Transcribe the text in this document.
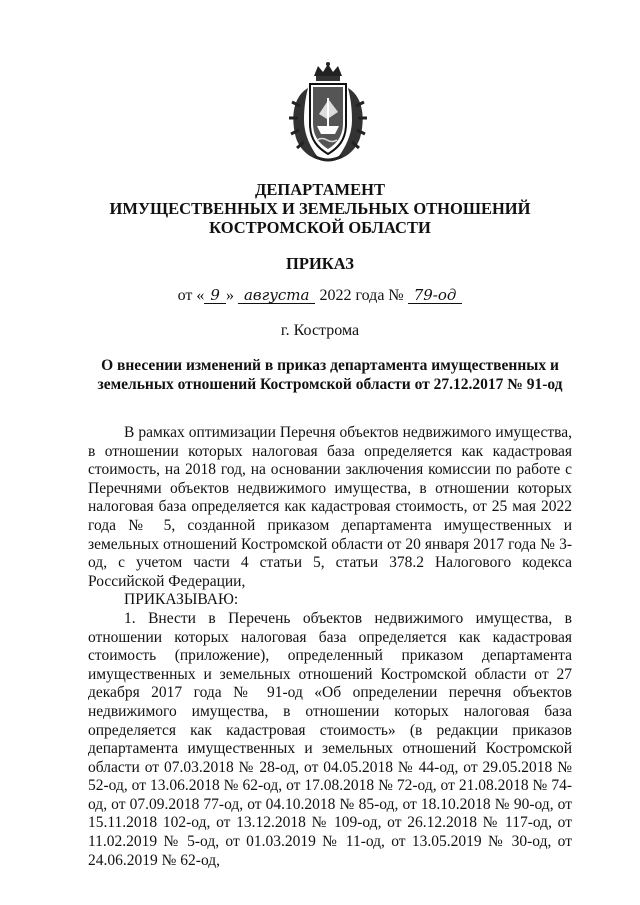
ДЕПАРТАМЕНТ
ИМУЩЕСТВЕННЫХ И ЗЕМЕЛЬНЫХ ОТНОШЕНИЙ
КОСТРОМСКОЙ ОБЛАСТИ
ПРИКАЗ
от « 9 » августа 2022 года № 79-од
г. Кострома
О внесении изменений в приказ департамента имущественных и земельных отношений Костромской области от 27.12.2017 № 91-од

В рамках оптимизации Перечня объектов недвижимого имущества, в отношении которых налоговая база определяется как кадастровая стоимость, на 2018 год, на основании заключения комиссии по работе с Перечнями объектов недвижимого имущества, в отношении которых налоговая база определяется как кадастровая стоимость, от 25 мая 2022 года № 5, созданной приказом департамента имущественных и земельных отношений Костромской области от 20 января 2017 года № 3-од, с учетом части 4 статьи 5, статьи 378.2 Налогового кодекса Российской Федерации,

ПРИКАЗЫВАЮ:

1. Внести в Перечень объектов недвижимого имущества, в отношении которых налоговая база определяется как кадастровая стоимость (приложение), определенный приказом департамента имущественных и земельных отношений Костромской области от 27 декабря 2017 года № 91-од «Об определении перечня объектов недвижимого имущества, в отношении которых налоговая база определяется как кадастровая стоимость» (в редакции приказов департамента имущественных и земельных отношений Костромской области от 07.03.2018 № 28-од, от 04.05.2018 № 44-од, от 29.05.2018 № 52-од, от 13.06.2018 № 62-од, от 17.08.2018 № 72-од, от 21.08.2018 № 74-од, от 07.09.2018 77-од, от 04.10.2018 № 85-од, от 18.10.2018 № 90-од, от 15.11.2018 102-од, от 13.12.2018 № 109-од, от 26.12.2018 № 117-од, от 11.02.2019 № 5-од, от 01.03.2019 № 11-од, от 13.05.2019 № 30-од, от 24.06.2019 № 62-од,
